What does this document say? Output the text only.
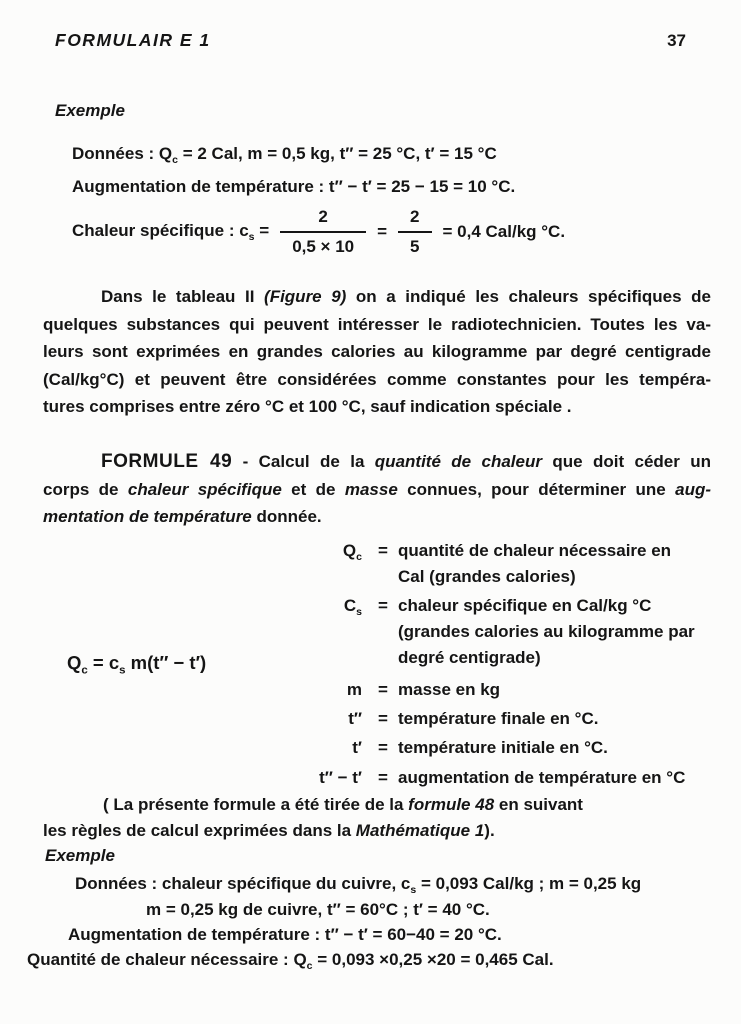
FORMULAIR E 1	37
Exemple
Données : $Q_c = 2$ Cal, m = 0,5 kg, t″ = 25 °C, t′ = 15 °C
Augmentation de température : t″ − t′ = 25 − 15 = 10 °C.
Chaleur spécifique : $c_s = \frac{2}{0,5 \times 10} = \frac{2}{5} = 0,4$ Cal/kg °C.
Dans le tableau II (Figure 9) on a indiqué les chaleurs spécifiques de
quelques substances qui peuvent intéresser le radiotechnicien. Toutes les va-
leurs sont exprimées en grandes calories au kilogramme par degré centigrade
(Cal/kg°C) et peuvent être considérées comme constantes pour les tempéra-
tures comprises entre zéro °C et 100 °C, sauf indication spéciale .
FORMULE 49 - Calcul de la quantité de chaleur que doit céder un
corps de chaleur spécifique et de masse connues, pour déterminer une aug-
mentation de température donnée.
$Q_c = c_s$ m(t″ − t′)
$Q_c$ = quantité de chaleur nécessaire en
Cal (grandes calories)
$C_s$ = chaleur spécifique en Cal/kg °C
(grandes calories au kilogramme par
degré centigrade)
m = masse en kg
t″ = température finale en °C.
t′ = température initiale en °C.
t″ − t′ = augmentation de température en °C
( La présente formule a été tirée de la formule 48 en suivant
les règles de calcul exprimées dans la Mathématique 1).
Exemple
Données : chaleur spécifique du cuivre, $c_s = 0,093$ Cal/kg ; m = 0,25 kg
m = 0,25 kg de cuivre, t″ = 60°C ; t′ = 40 °C.
Augmentation de température : t″ − t′ = 60−40 = 20 °C.
Quantité de chaleur nécessaire : $Q_c = 0,093 \times 0,25 \times 20 = 0,465$ Cal.
